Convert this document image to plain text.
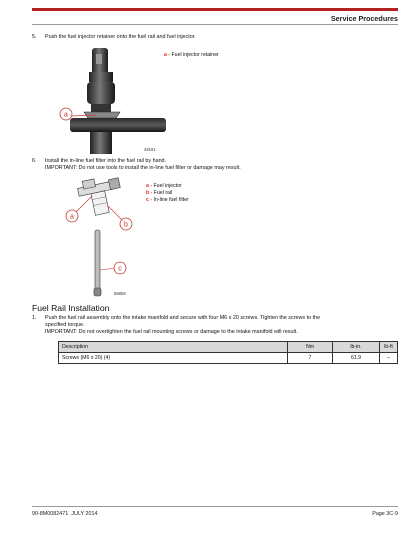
Service Procedures
5. Push the fuel injector retainer onto the fuel rail and fuel injector.
a
48191
a - Fuel injector retainer
6. Install the in-line fuel filter into the fuel rail by hand.
IMPORTANT: Do not use tools to install the in-line fuel filter or damage may result.
a
b
c
55858
a - Fuel injector
b - Fuel rail
c - In-line fuel filter
Fuel Rail Installation
1. Push the fuel rail assembly onto the intake manifold and secure with four M6 x 20 screws. Tighten the screws to the
specified torque.
IMPORTANT: Do not overtighten the fuel rail mounting screws or damage to the intake manifold will result.
Description	Nm	lb-in.	lb-ft
Screws (M6 x 20) (4)	7	61.9	–
90-8M0082471 JULY 2014	Page 3C-9
